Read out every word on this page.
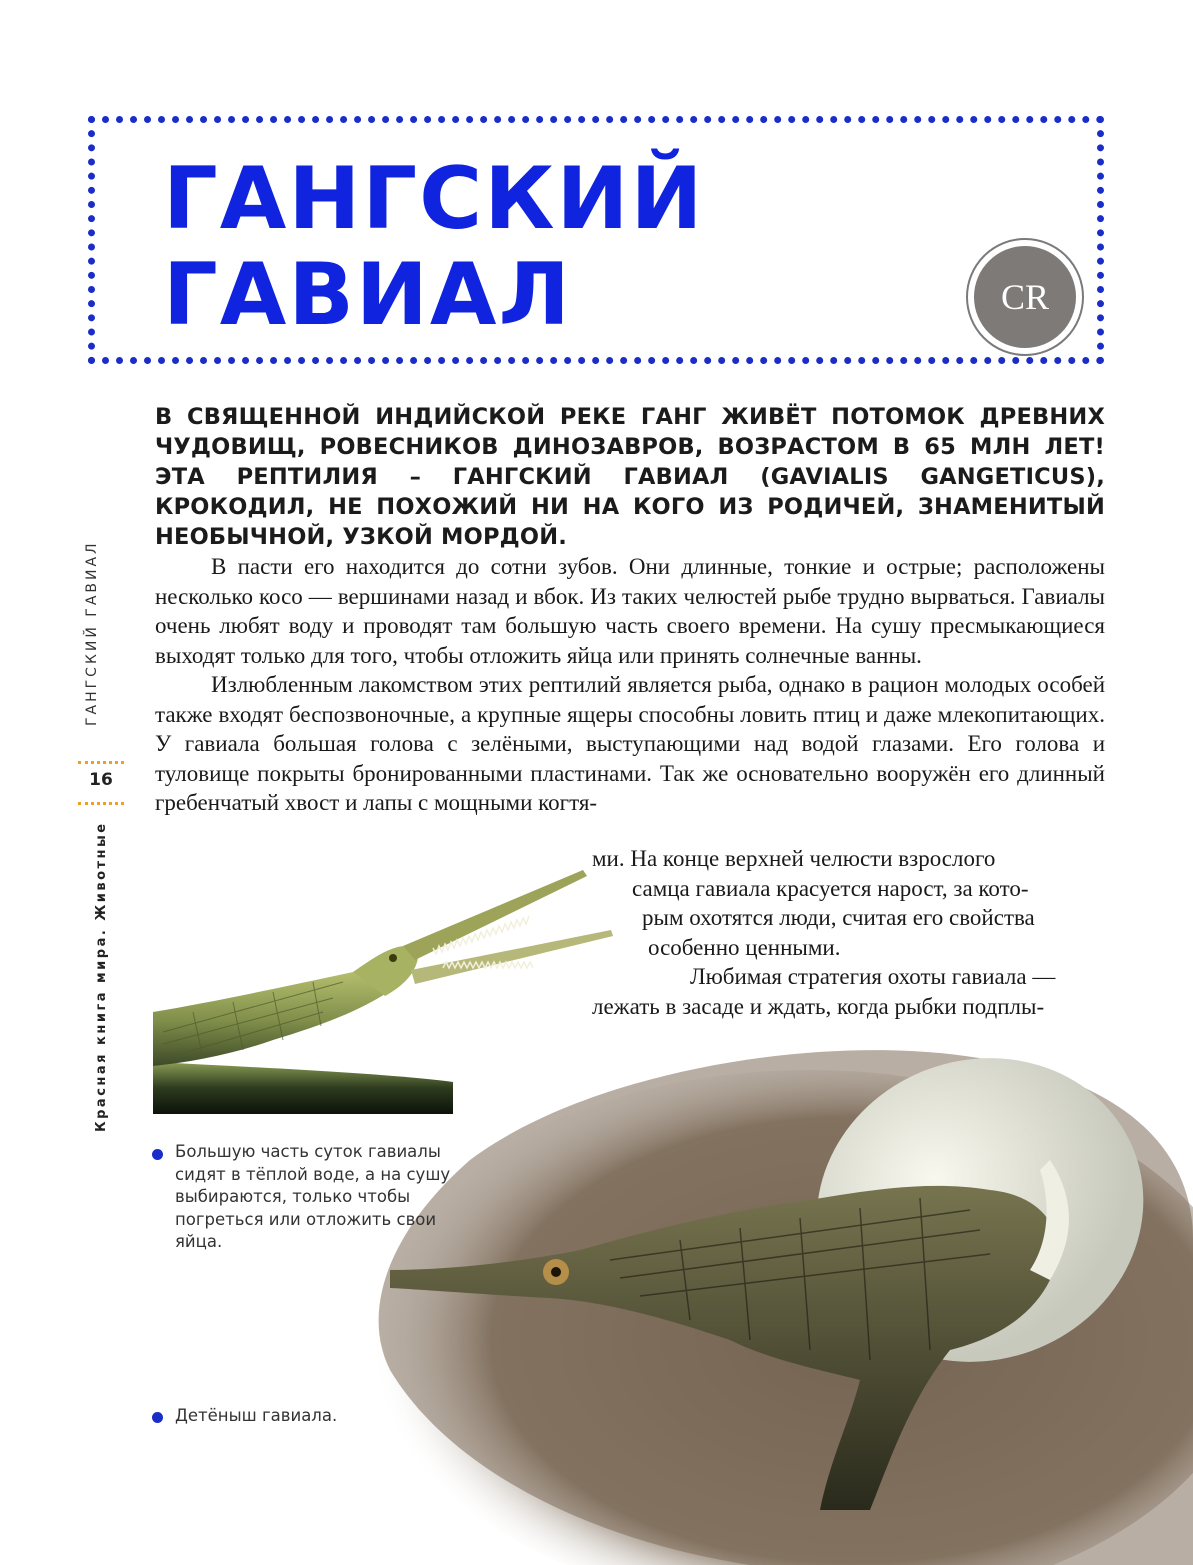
ГАНГСКИЙ
ГАВИАЛ	CR

В СВЯЩЕННОЙ ИНДИЙСКОЙ РЕКЕ ГАНГ ЖИВЁТ ПОТОМОК ДРЕВНИХ ЧУДОВИЩ, РОВЕСНИКОВ ДИНОЗАВРОВ, ВОЗРАСТОМ В 65 МЛН ЛЕТ! ЭТА РЕПТИЛИЯ – ГАНГСКИЙ ГАВИАЛ (GAVIALIS GANGETICUS), КРОКОДИЛ, НЕ ПОХОЖИЙ НИ НА КОГО ИЗ РОДИЧЕЙ, ЗНАМЕНИТЫЙ НЕОБЫЧНОЙ, УЗКОЙ МОРДОЙ.

В пасти его находится до сотни зубов. Они длинные, тонкие и острые; расположены несколько косо — вершинами назад и вбок. Из таких челюстей рыбе трудно вырваться. Гавиалы очень любят воду и проводят там большую часть своего времени. На сушу пресмыкающиеся выходят только для того, чтобы отложить яйца или принять солнечные ванны.

Излюбленным лакомством этих рептилий является рыба, однако в рацион молодых особей также входят беспозвоночные, а крупные ящеры способны ловить птиц и даже млекопитающих. У гавиала большая голова с зелёными, выступающими над водой глазами. Его голова и туловище покрыты бронированными пластинами. Так же основательно вооружён его длинный гребенчатый хвост и лапы с мощными когтя-

ми. На конце верхней челюсти взрослого
самца гавиала красуется нарост, за кото-
рым охотятся люди, считая его свойства
особенно ценными.
Любимая стратегия охоты гавиала —
лежать в засаде и ждать, когда рыбки подплы-
ГАНГСКИЙ ГАВИАЛ
16
Красная книга мира. Животные
Большую часть суток гавиалы сидят в тёплой воде, а на сушу выбираются, только чтобы погреться или отложить свои яйца.
Детёныш гавиала.
